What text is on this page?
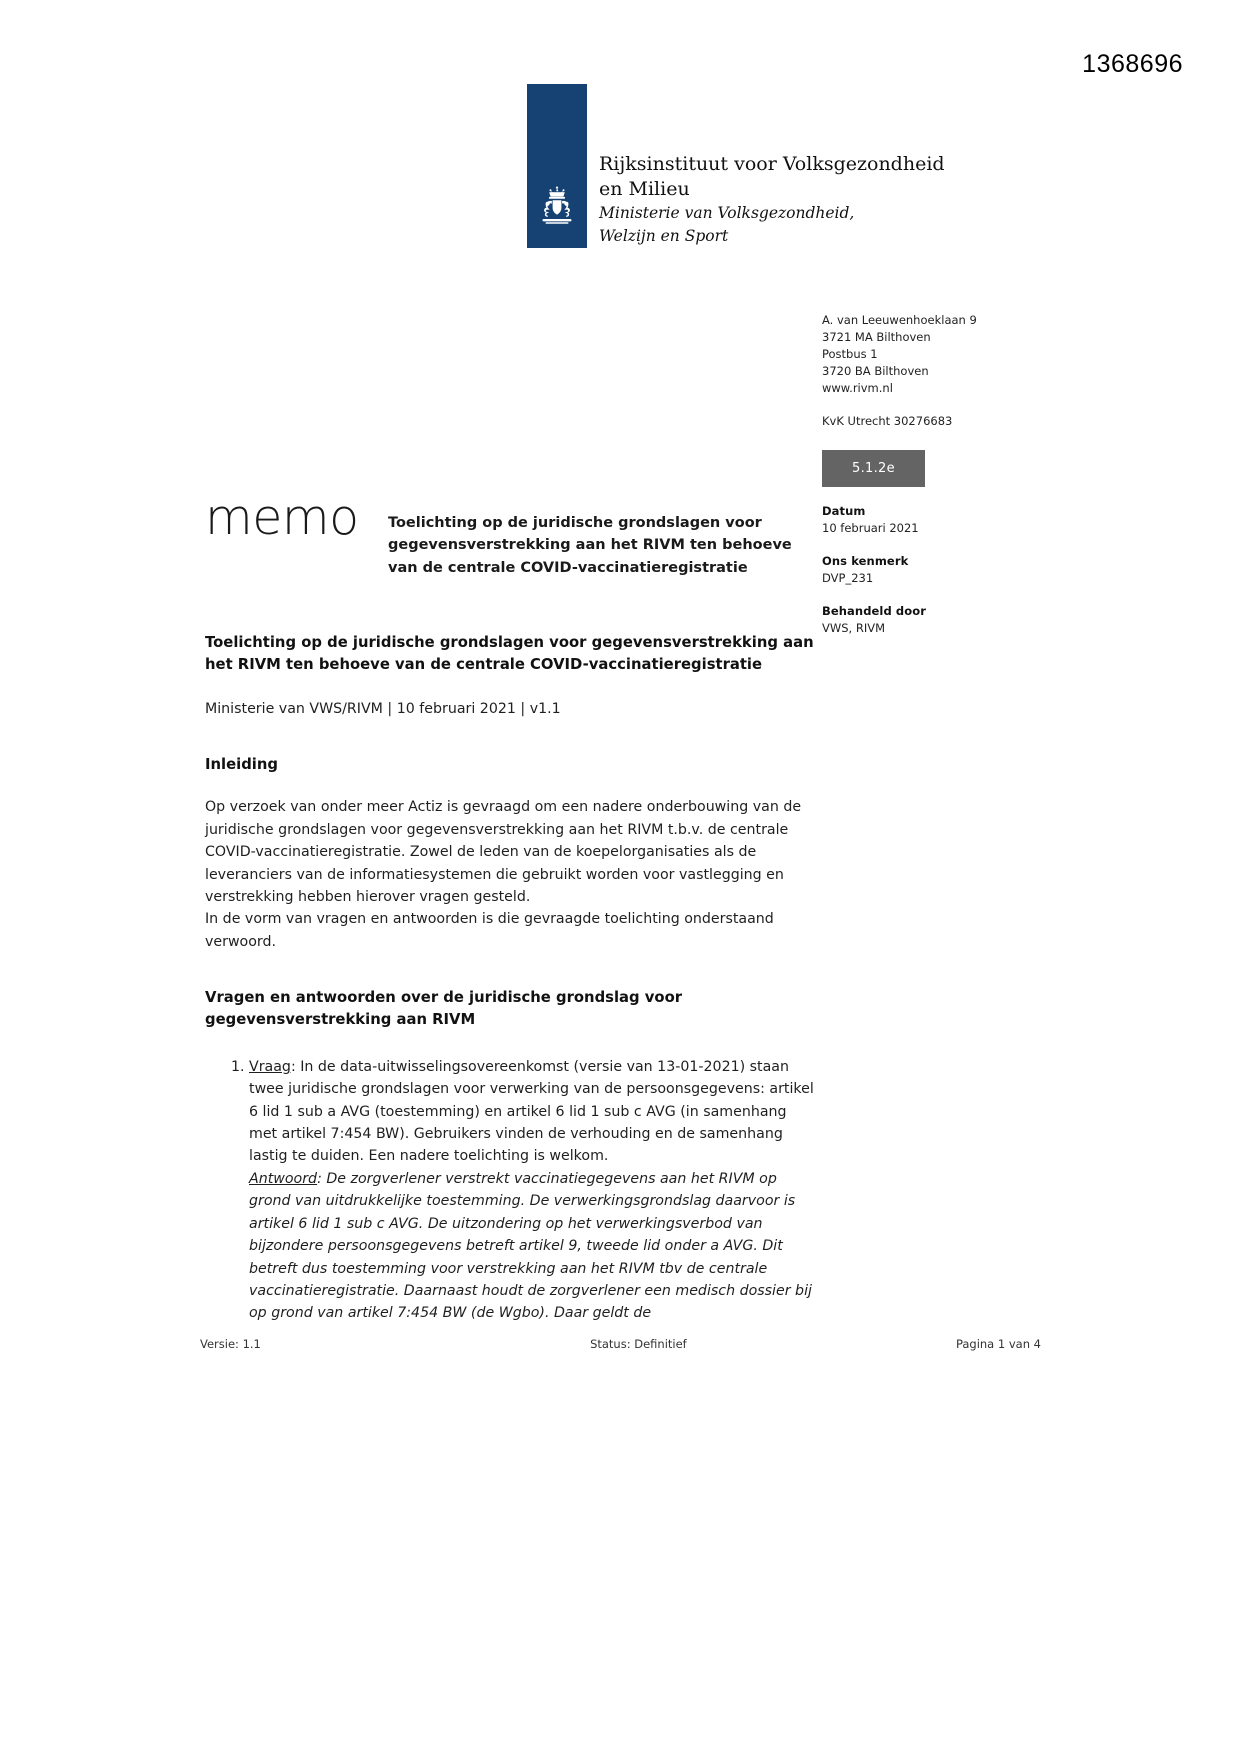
1368696
Rijksinstituut voor Volksgezondheid
en Milieu
Ministerie van Volksgezondheid,
Welzijn en Sport
A. van Leeuwenhoeklaan 9
3721 MA Bilthoven
Postbus 1
3720 BA Bilthoven
www.rivm.nl
KvK Utrecht 30276683
5.1.2e
Datum
10 februari 2021
Ons kenmerk
DVP_231
Behandeld door
VWS, RIVM
memo Toelichting op de juridische grondslagen voor gegevensverstrekking aan het RIVM ten behoeve van de centrale COVID-vaccinatieregistratie
Toelichting op de juridische grondslagen voor gegevensverstrekking aan het RIVM ten behoeve van de centrale COVID-vaccinatieregistratie

Ministerie van VWS/RIVM | 10 februari 2021 | v1.1

Inleiding

Op verzoek van onder meer Actiz is gevraagd om een nadere onderbouwing van de juridische grondslagen voor gegevensverstrekking aan het RIVM t.b.v. de centrale COVID-vaccinatieregistratie. Zowel de leden van de koepelorganisaties als de leveranciers van de informatiesystemen die gebruikt worden voor vastlegging en verstrekking hebben hierover vragen gesteld.

In de vorm van vragen en antwoorden is die gevraagde toelichting onderstaand verwoord.

Vragen en antwoorden over de juridische grondslag voor gegevensverstrekking aan RIVM

1. Vraag: In de data-uitwisselingsovereenkomst (versie van 13-01-2021) staan twee juridische grondslagen voor verwerking van de persoonsgegevens: artikel 6 lid 1 sub a AVG (toestemming) en artikel 6 lid 1 sub c AVG (in samenhang met artikel 7:454 BW). Gebruikers vinden de verhouding en de samenhang lastig te duiden. Een nadere toelichting is welkom.

Antwoord: De zorgverlener verstrekt vaccinatiegegevens aan het RIVM op grond van uitdrukkelijke toestemming. De verwerkingsgrondslag daarvoor is artikel 6 lid 1 sub c AVG. De uitzondering op het verwerkingsverbod van bijzondere persoonsgegevens betreft artikel 9, tweede lid onder a AVG. Dit betreft dus toestemming voor verstrekking aan het RIVM tbv de centrale vaccinatieregistratie. Daarnaast houdt de zorgverlener een medisch dossier bij op grond van artikel 7:454 BW (de Wgbo). Daar geldt de

Versie: 1.1	Status: Definitief	Pagina 1 van 4
